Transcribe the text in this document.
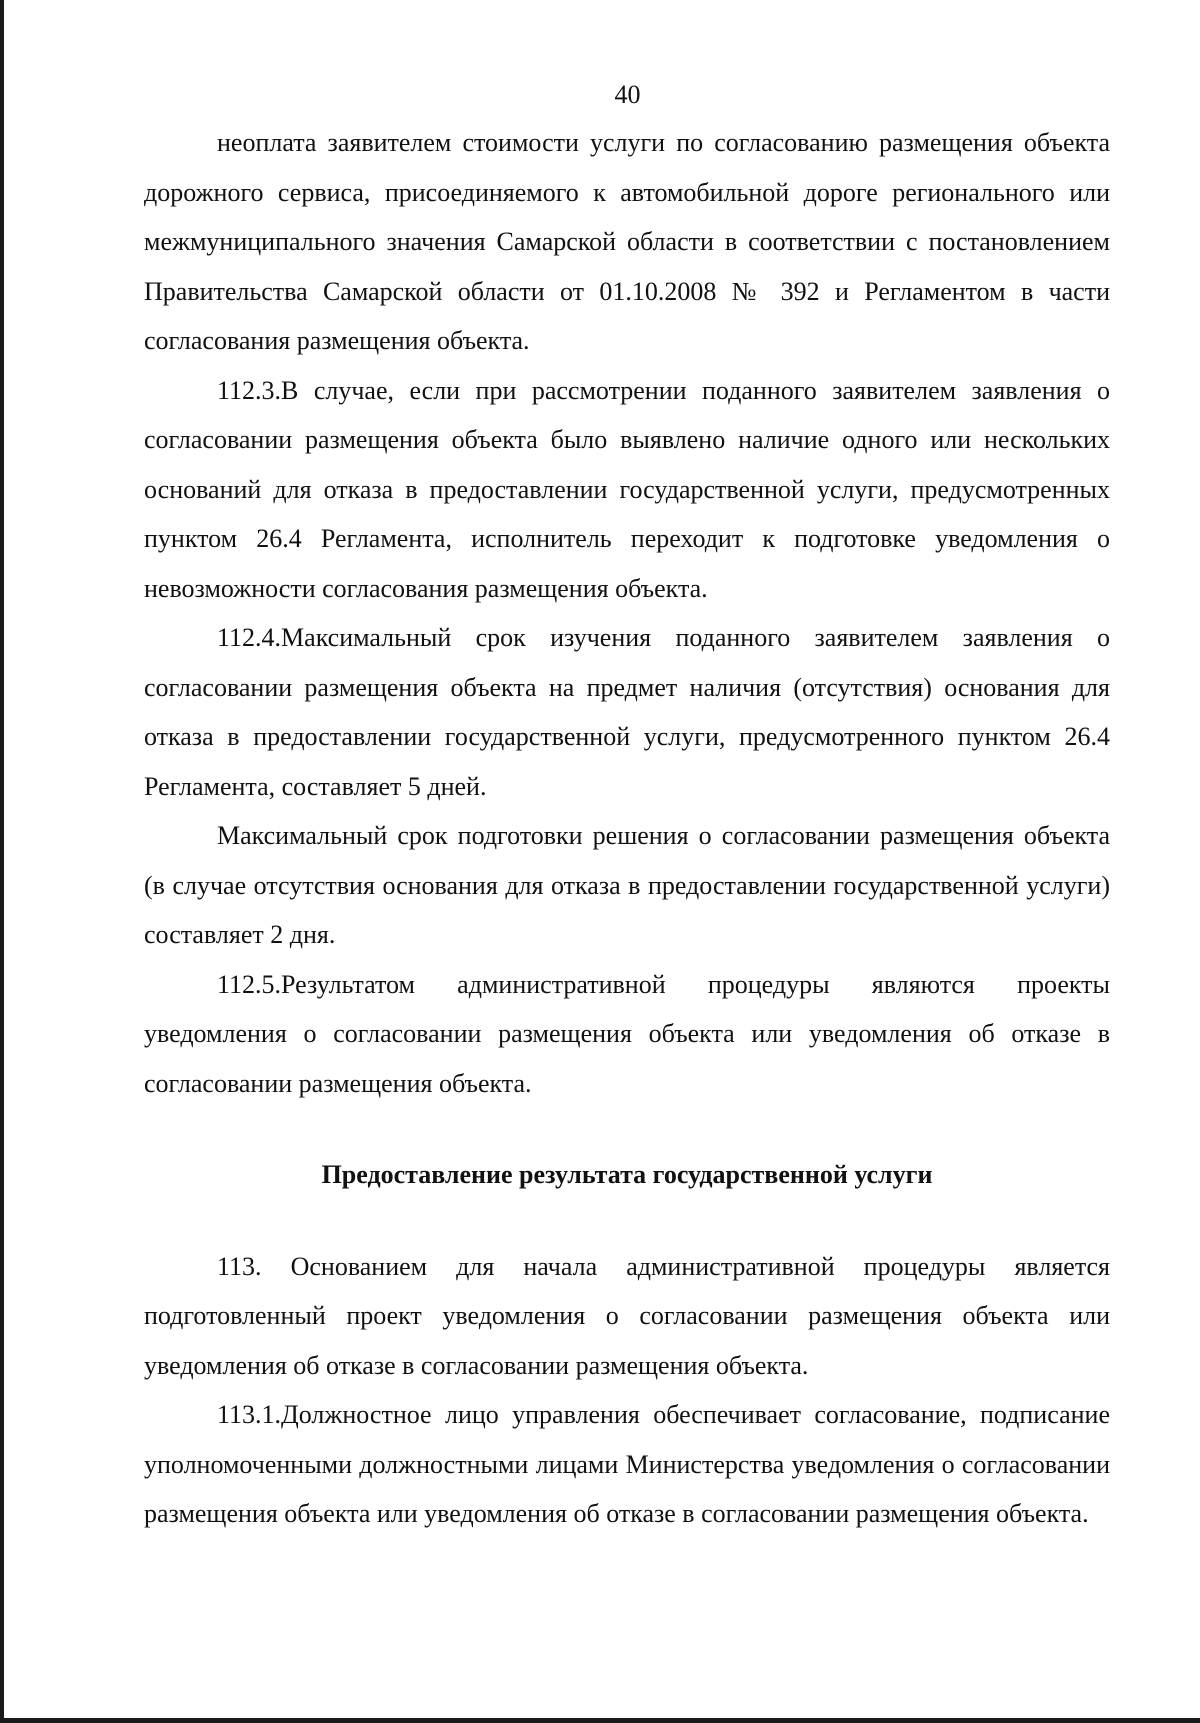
40

неоплата заявителем стоимости услуги по согласованию размещения объекта дорожного сервиса, присоединяемого к автомобильной дороге регионального или межмуниципального значения Самарской области в соответствии с постановлением Правительства Самарской области от 01.10.2008 № 392 и Регламентом в части согласования размещения объекта.

112.3.В случае, если при рассмотрении поданного заявителем заявления о согласовании размещения объекта было выявлено наличие одного или нескольких оснований для отказа в предоставлении государственной услуги, предусмотренных пунктом 26.4 Регламента, исполнитель переходит к подготовке уведомления о невозможности согласования размещения объекта.

112.4.Максимальный срок изучения поданного заявителем заявления о согласовании размещения объекта на предмет наличия (отсутствия) основания для отказа в предоставлении государственной услуги, предусмотренного пунктом 26.4 Регламента, составляет 5 дней.

Максимальный срок подготовки решения о согласовании размещения объекта (в случае отсутствия основания для отказа в предоставлении государственной услуги) составляет 2 дня.

112.5.Результатом административной процедуры являются проекты уведомления о согласовании размещения объекта или уведомления об отказе в согласовании размещения объекта.

Предоставление результата государственной услуги

113. Основанием для начала административной процедуры является подготовленный проект уведомления о согласовании размещения объекта или уведомления об отказе в согласовании размещения объекта.

113.1.Должностное лицо управления обеспечивает согласование, подписание уполномоченными должностными лицами Министерства уведомления о согласовании размещения объекта или уведомления об отказе в согласовании размещения объекта.
